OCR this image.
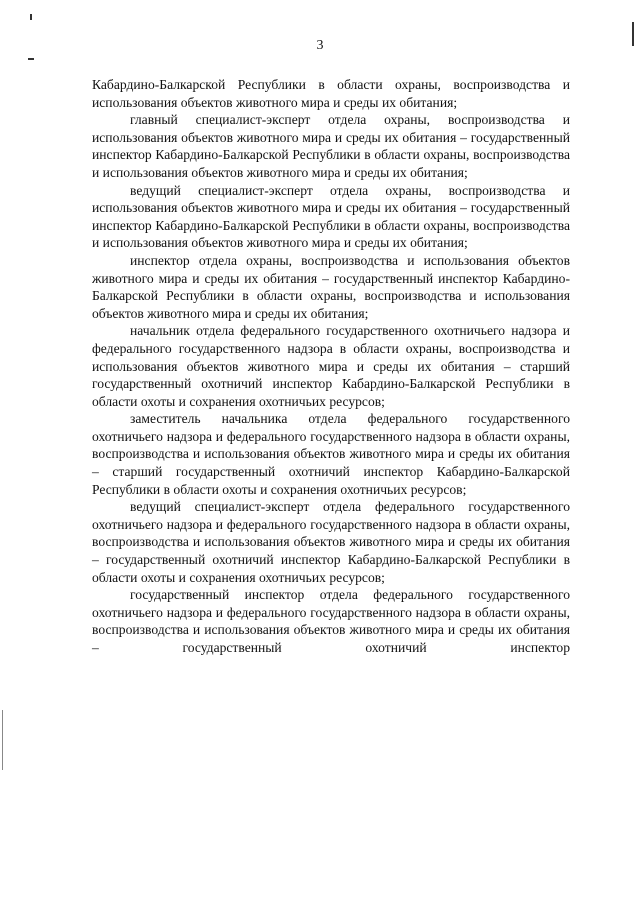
3

Кабардино-Балкарской Республики в области охраны, воспроизводства и использования объектов животного мира и среды их обитания;

главный специалист-эксперт отдела охраны, воспроизводства и использования объектов животного мира и среды их обитания – государственный инспектор Кабардино-Балкарской Республики в области охраны, воспроизводства и использования объектов животного мира и среды их обитания;

ведущий специалист-эксперт отдела охраны, воспроизводства и использования объектов животного мира и среды их обитания – государственный инспектор Кабардино-Балкарской Республики в области охраны, воспроизводства и использования объектов животного мира и среды их обитания;

инспектор отдела охраны, воспроизводства и использования объектов животного мира и среды их обитания – государственный инспектор Кабардино-Балкарской Республики в области охраны, воспроизводства и использования объектов животного мира и среды их обитания;

начальник отдела федерального государственного охотничьего надзора и федерального государственного надзора в области охраны, воспроизводства и использования объектов животного мира и среды их обитания – старший государственный охотничий инспектор Кабардино-Балкарской Республики в области охоты и сохранения охотничьих ресурсов;

заместитель начальника отдела федерального государственного охотничьего надзора и федерального государственного надзора в области охраны, воспроизводства и использования объектов животного мира и среды их обитания – старший государственный охотничий инспектор Кабардино-Балкарской Республики в области охоты и сохранения охотничьих ресурсов;

ведущий специалист-эксперт отдела федерального государственного охотничьего надзора и федерального государственного надзора в области охраны, воспроизводства и использования объектов животного мира и среды их обитания – государственный охотничий инспектор Кабардино-Балкарской Республики в области охоты и сохранения охотничьих ресурсов;

государственный инспектор отдела федерального государственного охотничьего надзора и федерального государственного надзора в области охраны, воспроизводства и использования объектов животного мира и среды их обитания – государственный охотничий инспектор
